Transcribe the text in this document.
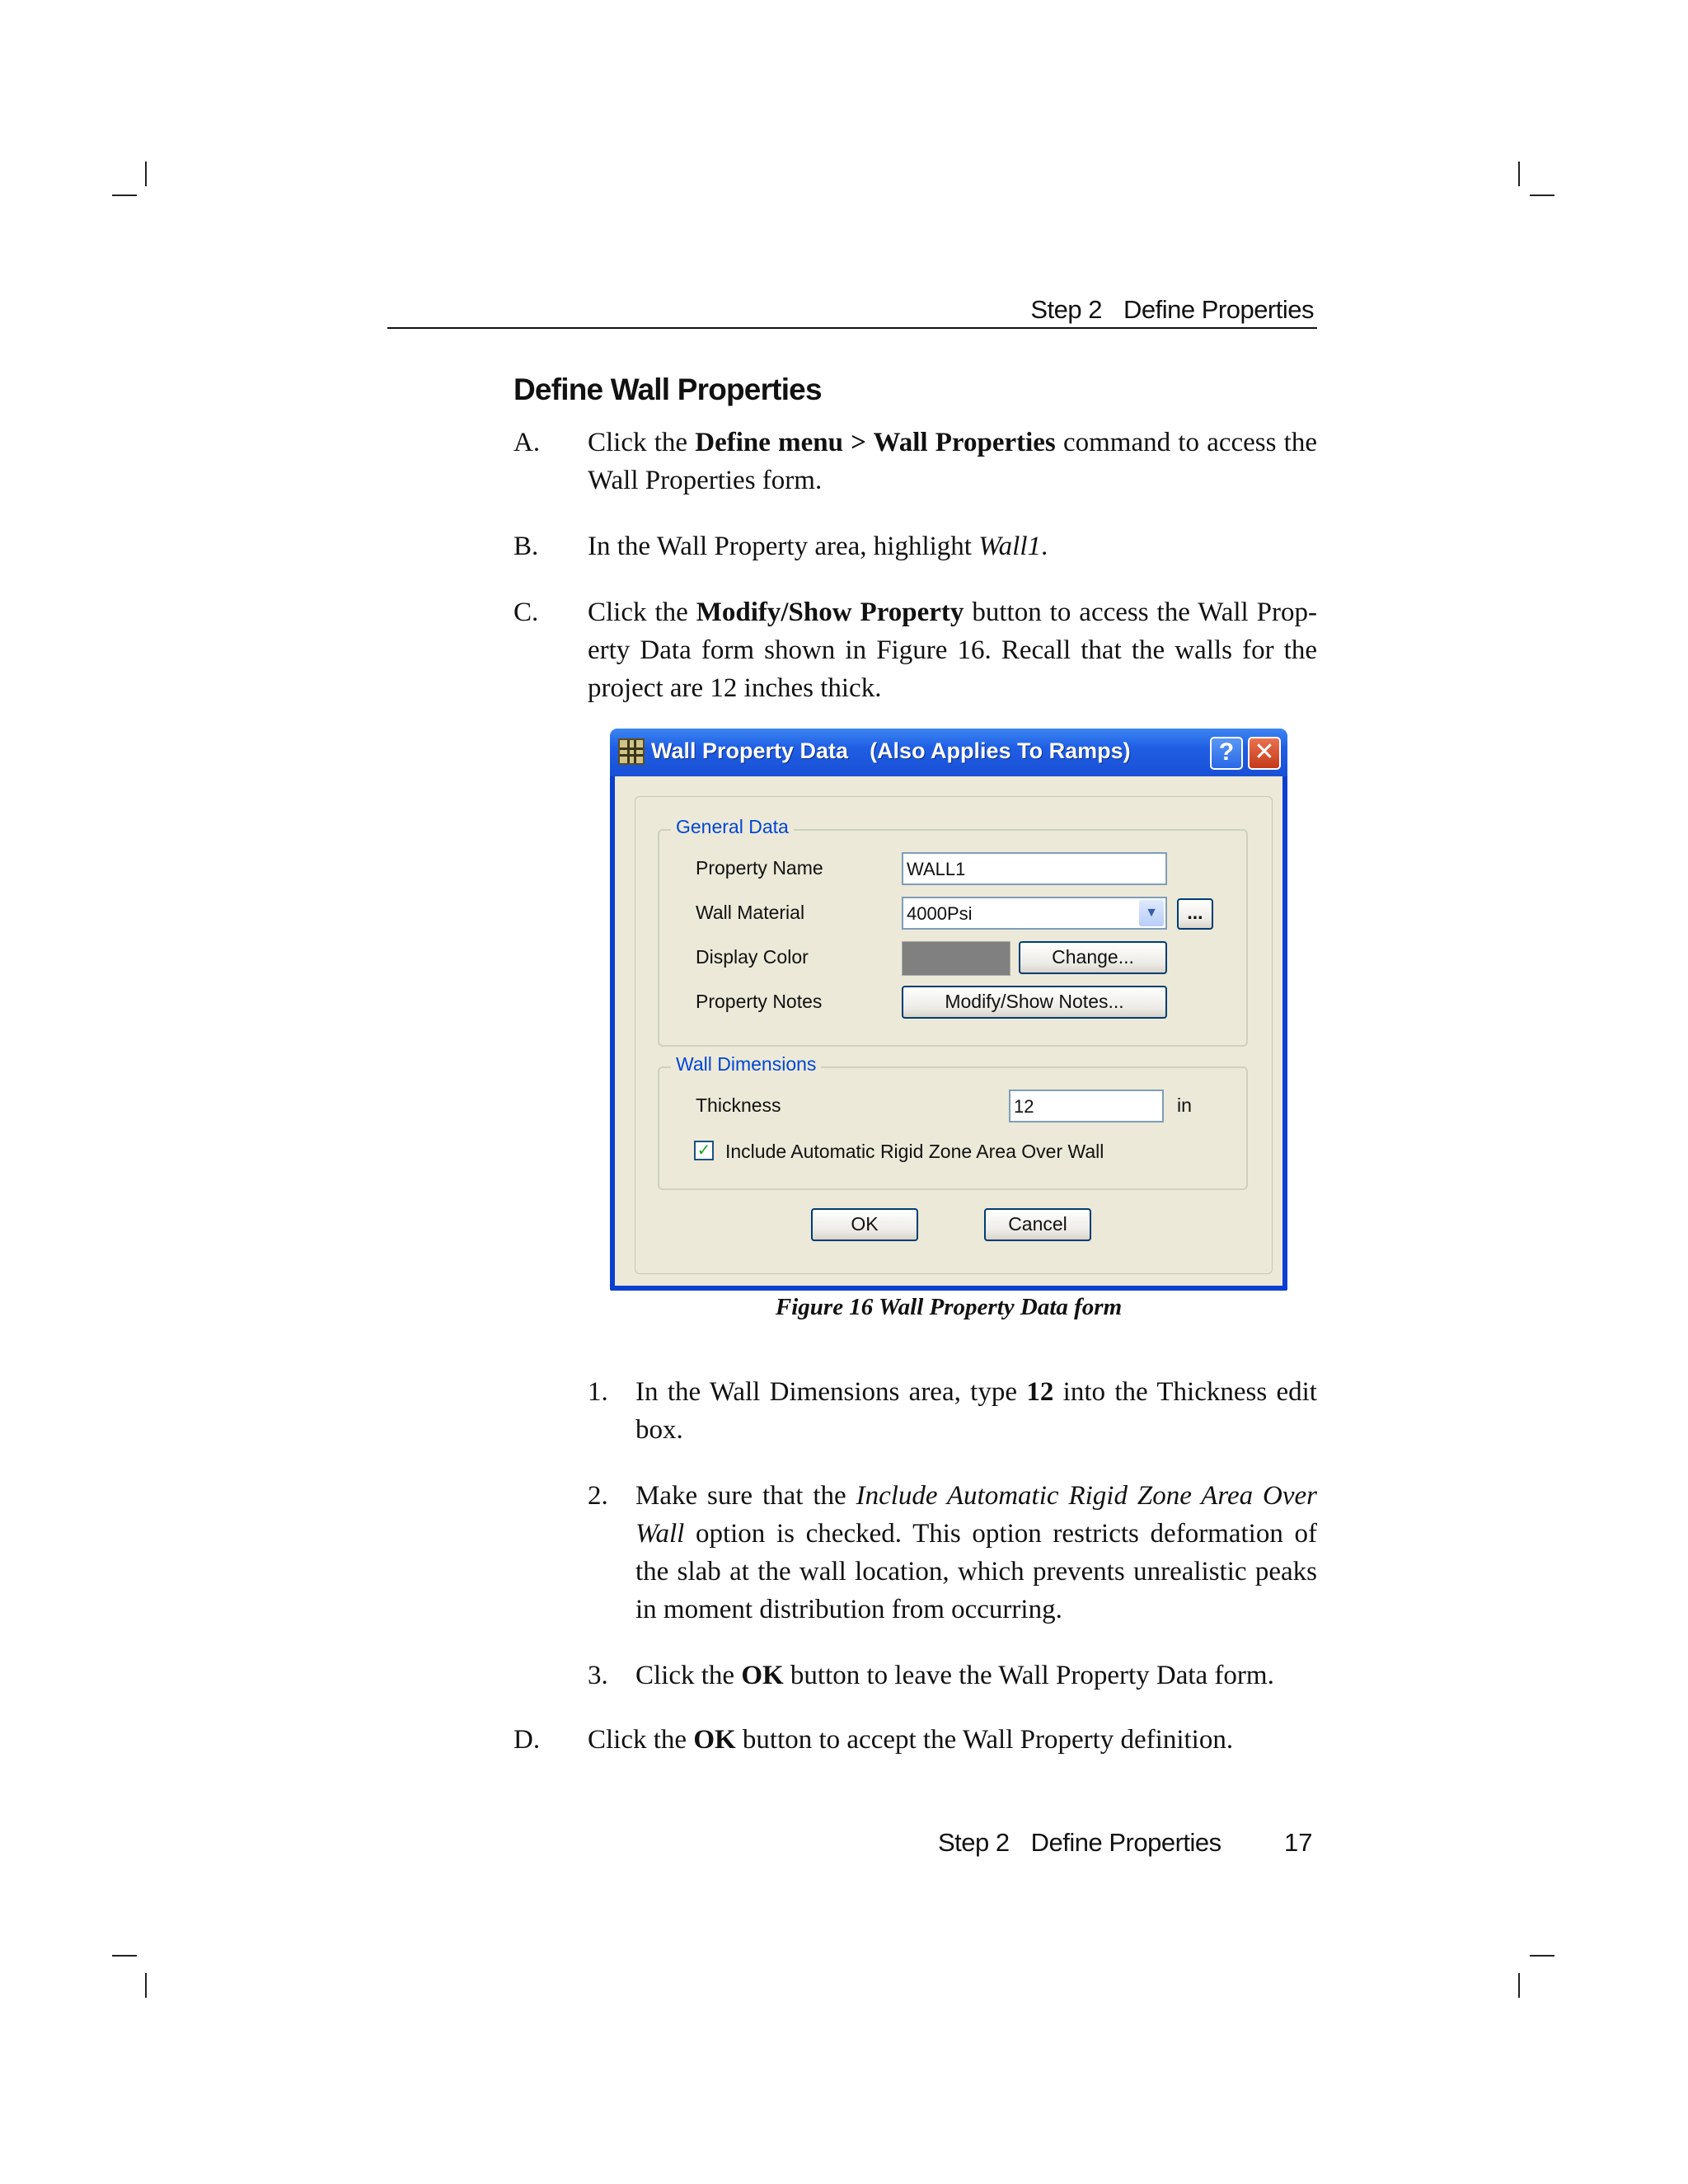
Step 2 Define Properties
Define Wall Properties
A. Click the Define menu > Wall Properties command to access the Wall Properties form.
B. In the Wall Property area, highlight Wall1.
C. Click the Modify/Show Property button to access the Wall Prop-erty Data form shown in Figure 16. Recall that the walls for the project are 12 inches thick.
Wall Property Data (Also Applies To Ramps)	? ✕
General Data
Property Name	WALL1
Wall Material	4000Psi	▼	...
Display Color	Change...
Property Notes	Modify/Show Notes...
Wall Dimensions
Thickness	12	in
✓ Include Automatic Rigid Zone Area Over Wall
OK	Cancel
Figure 16 Wall Property Data form
1. In the Wall Dimensions area, type 12 into the Thickness edit box.
2. Make sure that the Include Automatic Rigid Zone Area Over Wall option is checked. This option restricts deformation of the slab at the wall location, which prevents unrealistic peaks in moment distribution from occurring.
3. Click the OK button to leave the Wall Property Data form.
D. Click the OK button to accept the Wall Property definition.
Step 2 Define Properties 17
